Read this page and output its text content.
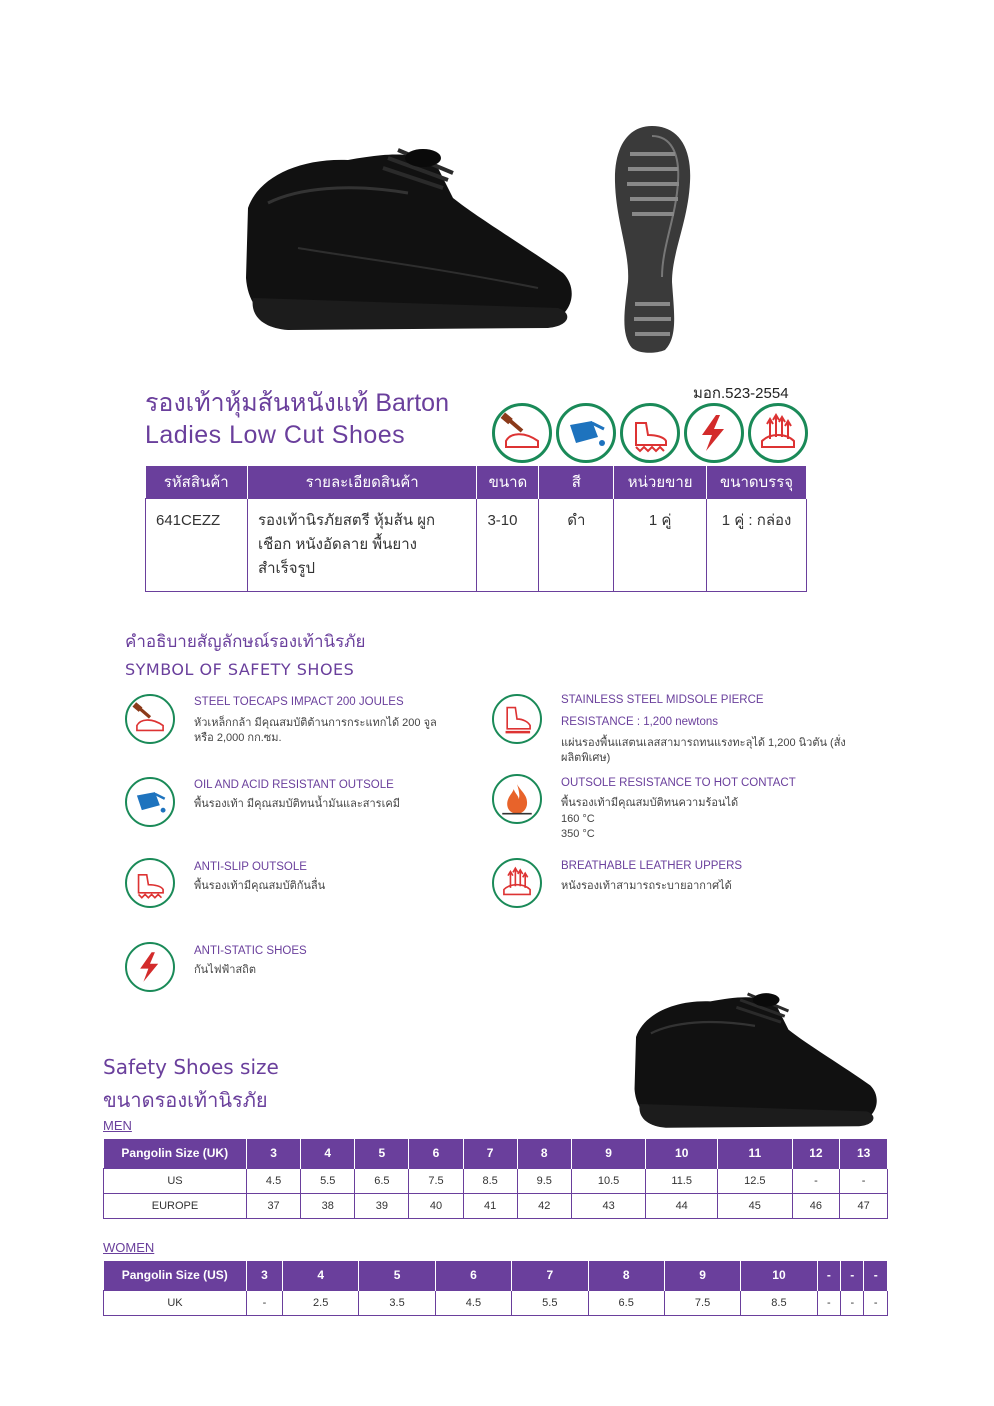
รองเท้าหุ้มส้นหนังแท้ Barton
Ladies Low Cut Shoes
มอก.523-2554
รหัสสินค้า	รายละเอียดสินค้า	ขนาด	สี	หน่วยขาย	ขนาดบรรจุ
641CEZZ	รองเท้านิรภัยสตรี หุ้มส้น ผูกเชือก หนังอัดลาย พื้นยางสำเร็จรูป	3-10	ดำ	1 คู่	1 คู่ : กล่อง
คำอธิบายสัญลักษณ์รองเท้านิรภัย
SYMBOL OF SAFETY SHOES
STEEL TOECAPS IMPACT 200 JOULES
หัวเหล็กกล้า มีคุณสมบัติต้านการกระแทกได้ 200 จูล หรือ 2,000 กก.ซม.
OIL AND ACID RESISTANT OUTSOLE
พื้นรองเท้า มีคุณสมบัติทนน้ำมันและสารเคมี
ANTI-SLIP OUTSOLE
พื้นรองเท้ามีคุณสมบัติกันลื่น
ANTI-STATIC SHOES
กันไฟฟ้าสถิต
STAINLESS STEEL MIDSOLE PIERCE
RESISTANCE : 1,200 newtons
แผ่นรองพื้นแสตนเลสสามารถทนแรงทะลุได้ 1,200 นิวตัน (สั่งผลิตพิเศษ)
OUTSOLE RESISTANCE TO HOT CONTACT
พื้นรองเท้ามีคุณสมบัติทนความร้อนได้
160 °C
350 °C
BREATHABLE LEATHER UPPERS
หนังรองเท้าสามารถระบายอากาศได้
Safety Shoes size
ขนาดรองเท้านิรภัย
MEN
Pangolin Size (UK)	3	4	5	6	7	8	9	10	11	12	13
US	4.5	5.5	6.5	7.5	8.5	9.5	10.5	11.5	12.5	-	-
EUROPE	37	38	39	40	41	42	43	44	45	46	47
WOMEN
Pangolin Size (US)	3	4	5	6	7	8	9	10	-	-	-
UK	-	2.5	3.5	4.5	5.5	6.5	7.5	8.5	-	-	-
